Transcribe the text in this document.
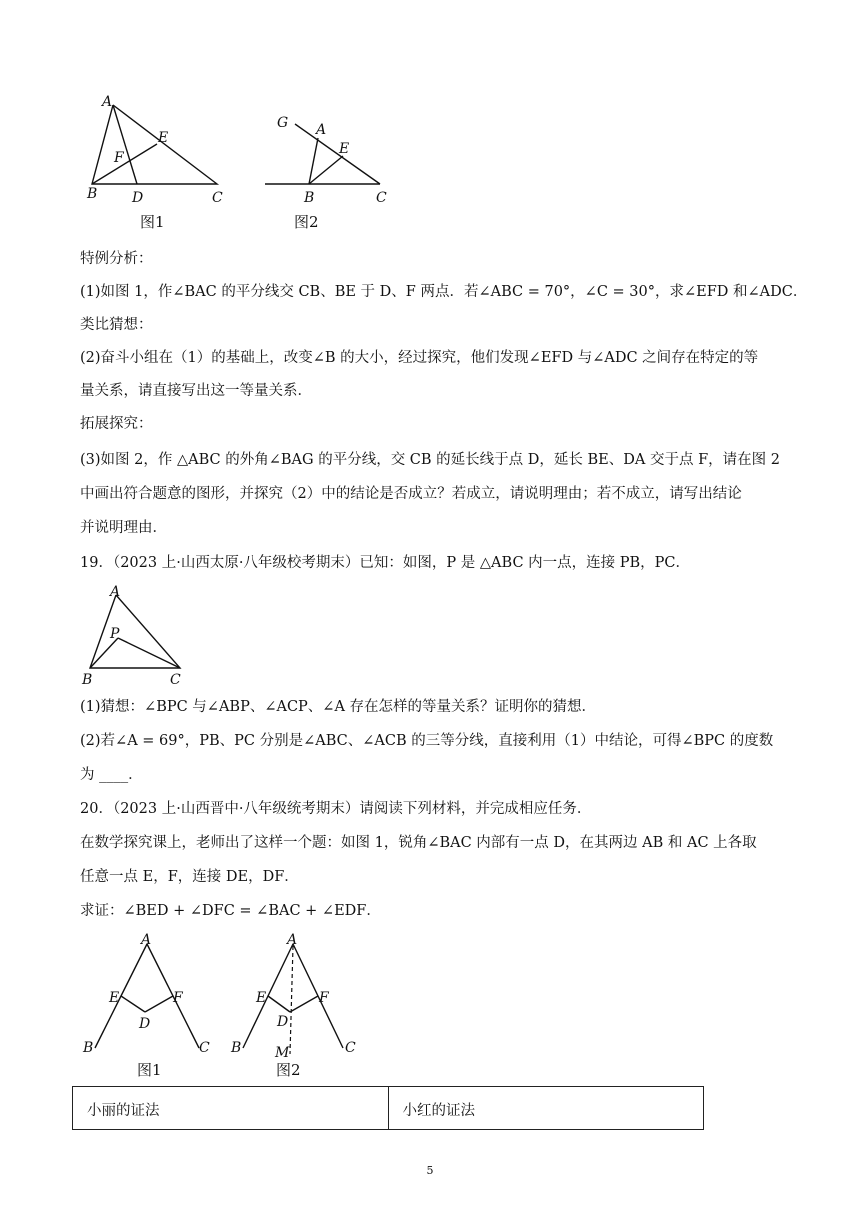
A
B	C
D
E
F
图1
G A
E
B	C
图2
特例分析：
(1)如图 1，作∠BAC 的平分线交 CB、BE 于 D、F 两点．若∠ABC = 70°，∠C = 30°，求∠EFD 和∠ADC．
类比猜想：
(2)奋斗小组在（1）的基础上，改变∠B 的大小，经过探究，他们发现∠EFD 与∠ADC 之间存在特定的等
量关系，请直接写出这一等量关系．
拓展探究：
(3)如图 2，作 △ABC 的外角∠BAG 的平分线，交 CB 的延长线于点 D，延长 BE、DA 交于点 F，请在图 2
中画出符合题意的图形，并探究（2）中的结论是否成立？若成立，请说明理由；若不成立，请写出结论
并说明理由．
19．（2023 上·山西太原·八年级校考期末）已知：如图，P 是 △ABC 内一点，连接 PB，PC．
A
P
B	C
(1)猜想：∠BPC 与∠ABP、∠ACP、∠A 存在怎样的等量关系？证明你的猜想．
(2)若∠A = 69°，PB、PC 分别是∠ABC、∠ACB 的三等分线，直接利用（1）中结论，可得∠BPC 的度数
为 ____．
20．（2023 上·山西晋中·八年级统考期末）请阅读下列材料，并完成相应任务．
在数学探究课上，老师出了这样一个题：如图 1，锐角∠BAC 内部有一点 D，在其两边 AB 和 AC 上各取
任意一点 E，F，连接 DE，DF．
求证：∠BED + ∠DFC = ∠BAC + ∠EDF．
A
E	F
D
B	C
图1
A
E	F
D
B M	C
图2
小丽的证法	小红的证法
5
